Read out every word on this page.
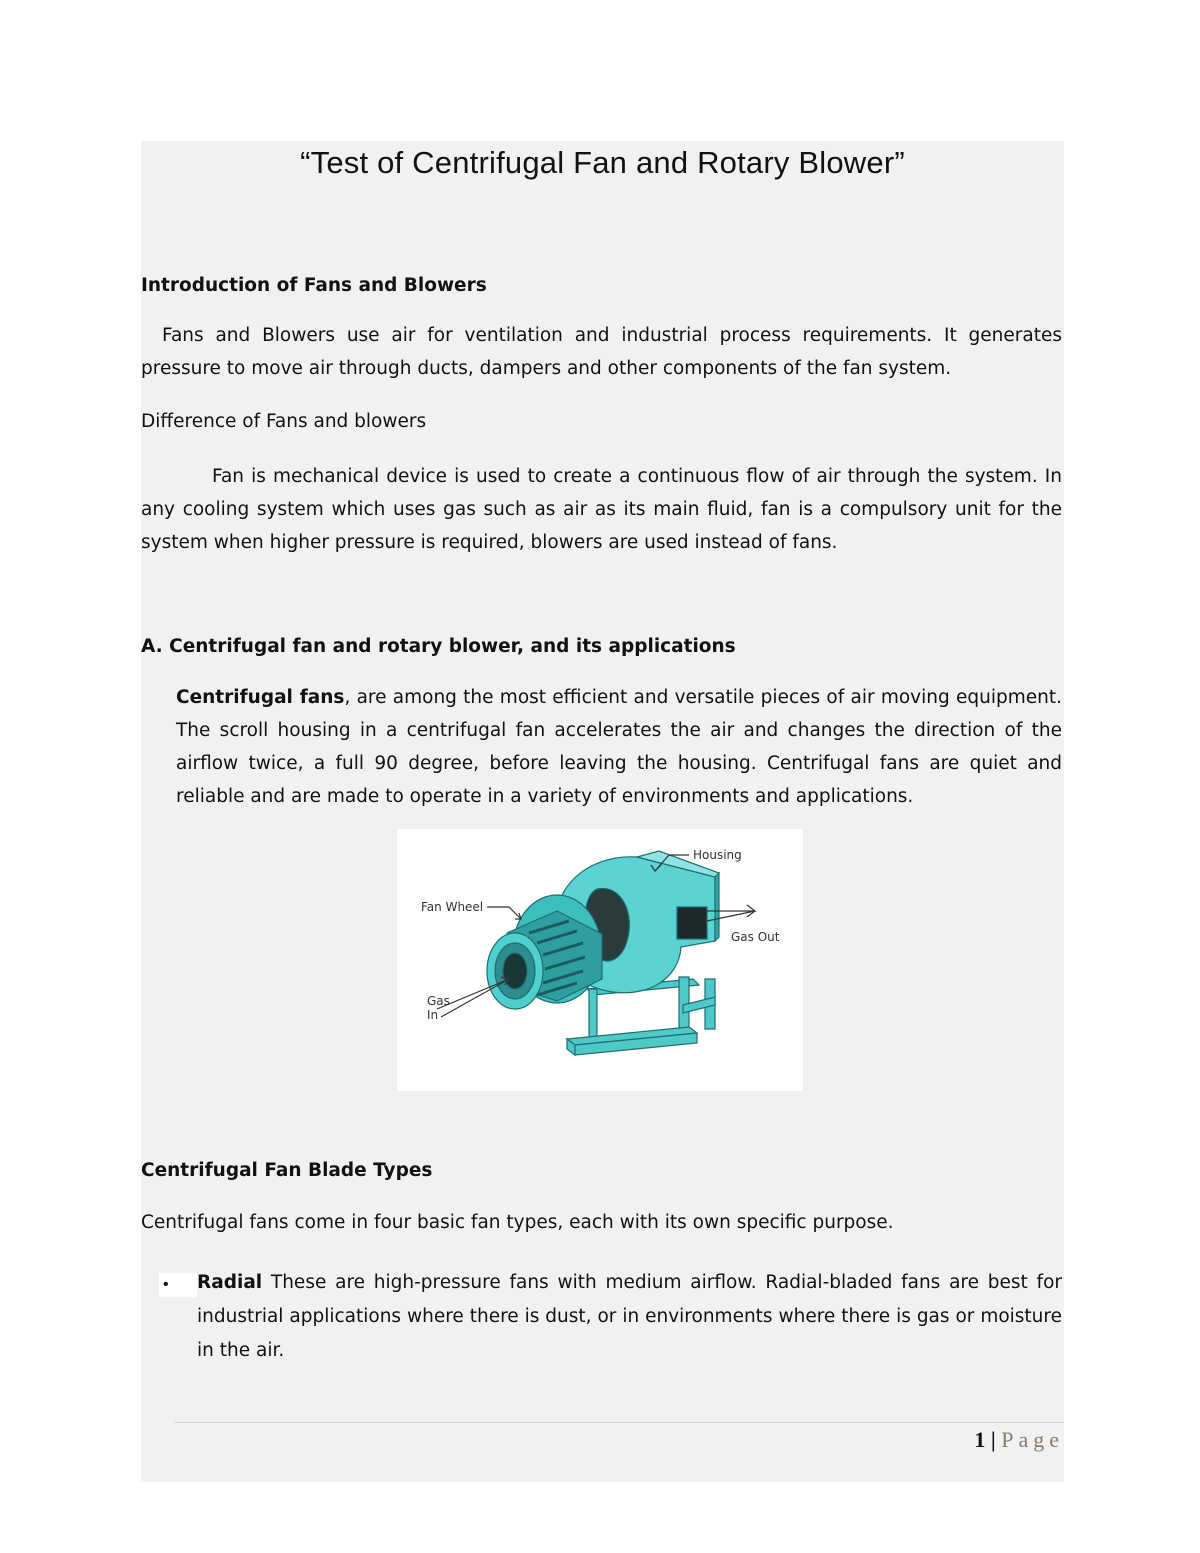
“Test of Centrifugal Fan and Rotary Blower”
Introduction of Fans and Blowers
Fans and Blowers use air for ventilation and industrial process requirements. It generates pressure to move air through ducts, dampers and other components of the fan system.
Difference of Fans and blowers
Fan is mechanical device is used to create a continuous flow of air through the system. In any cooling system which uses gas such as air as its main fluid, fan is a compulsory unit for the system when higher pressure is required, blowers are used instead of fans.
A. Centrifugal fan and rotary blower, and its applications
Centrifugal fans, are among the most efficient and versatile pieces of air moving equipment. The scroll housing in a centrifugal fan accelerates the air and changes the direction of the airflow twice, a full 90 degree, before leaving the housing. Centrifugal fans are quiet and reliable and are made to operate in a variety of environments and applications.
Housing
Fan Wheel
Gas Out
Gas
In
Centrifugal Fan Blade Types
Centrifugal fans come in four basic fan types, each with its own specific purpose.
•	Radial These are high-pressure fans with medium airflow. Radial-bladed fans are best for industrial applications where there is dust, or in environments where there is gas or moisture in the air.
1 | Page
